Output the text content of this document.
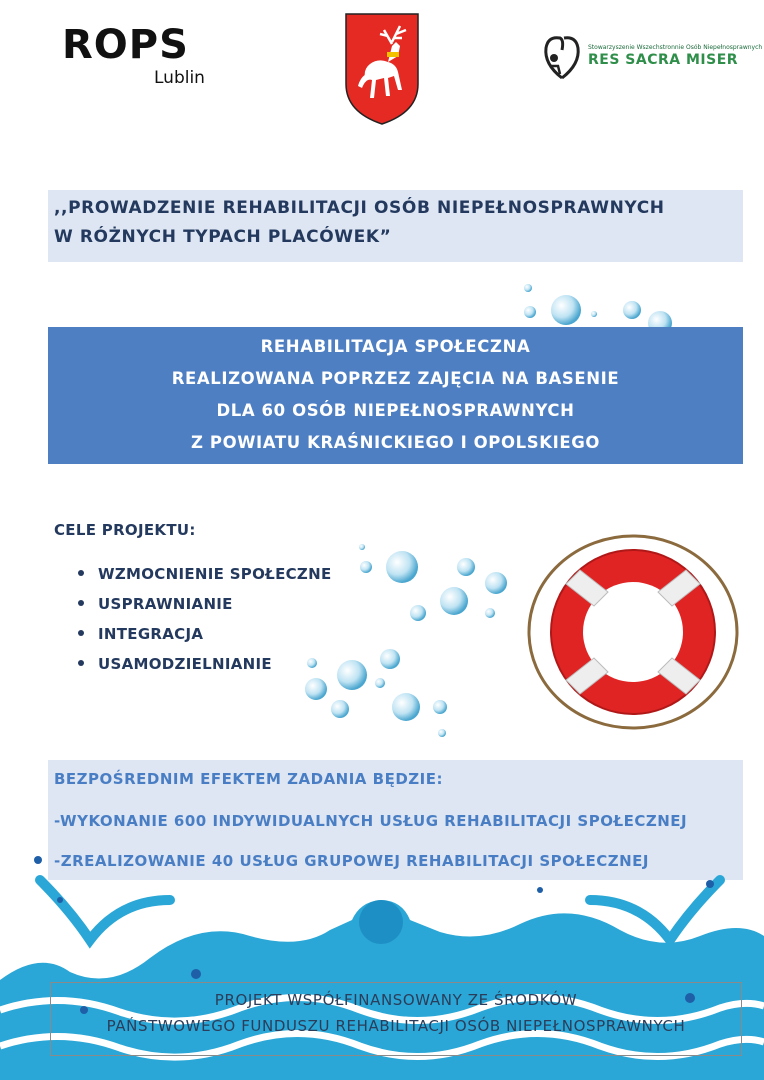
ROPS
Lublin
Stowarzyszenie Wszechstronnie Osób Niepełnosprawnych
RES SACRA MISER
,,PROWADZENIE REHABILITACJI OSÓB NIEPEŁNOSPRAWNYCH
W RÓŻNYCH TYPACH PLACÓWEK”
REHABILITACJA SPOŁECZNA
REALIZOWANA POPRZEZ ZAJĘCIA NA BASENIE
DLA 60 OSÓB NIEPEŁNOSPRAWNYCH
Z POWIATU KRAŚNICKIEGO I OPOLSKIEGO
CELE PROJEKTU:
WZMOCNIENIE SPOŁECZNE
USPRAWNIANIE
INTEGRACJA
USAMODZIELNIANIE
BEZPOŚREDNIM EFEKTEM ZADANIA BĘDZIE:
-WYKONANIE 600 INDYWIDUALNYCH USŁUG REHABILITACJI SPOŁECZNEJ
-ZREALIZOWANIE 40 USŁUG GRUPOWEJ REHABILITACJI SPOŁECZNEJ
PROJEKT WSPÓŁFINANSOWANY ZE ŚRODKÓW
PAŃSTWOWEGO FUNDUSZU REHABILITACJI OSÓB NIEPEŁNOSPRAWNYCH
